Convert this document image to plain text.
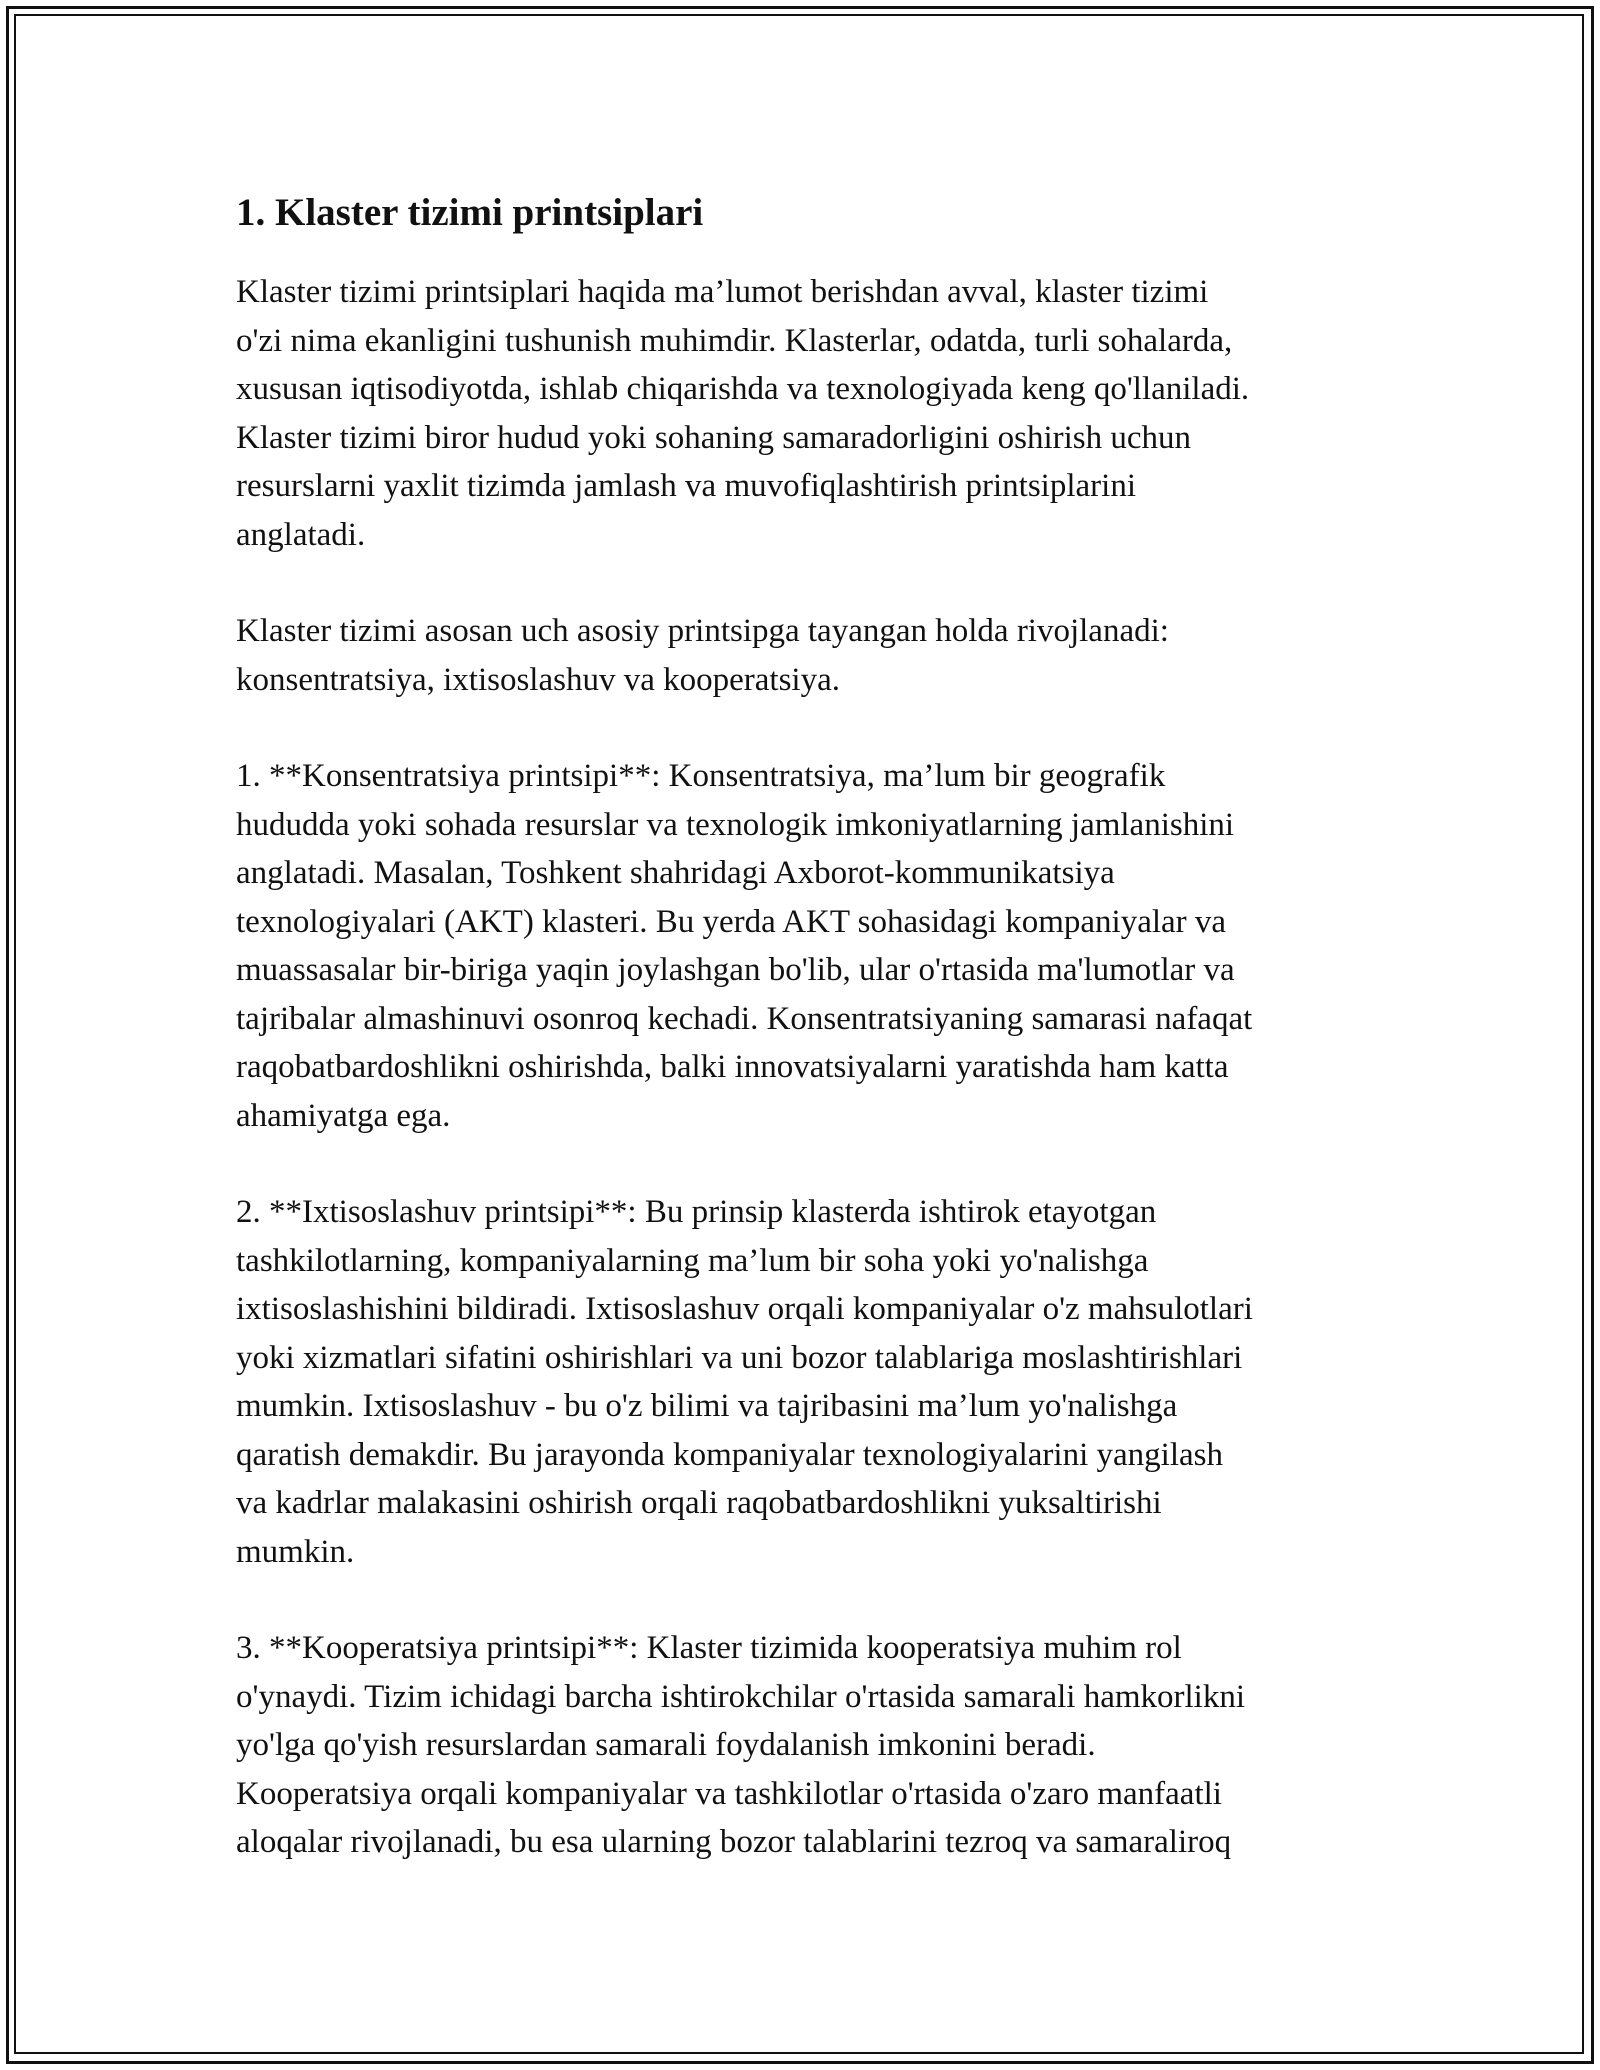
1. Klaster tizimi printsiplari

Klaster tizimi printsiplari haqida ma’lumot berishdan avval, klaster tizimi
o'zi nima ekanligini tushunish muhimdir. Klasterlar, odatda, turli sohalarda,
xususan iqtisodiyotda, ishlab chiqarishda va texnologiyada keng qo'llaniladi.
Klaster tizimi biror hudud yoki sohaning samaradorligini oshirish uchun
resurslarni yaxlit tizimda jamlash va muvofiqlashtirish printsiplarini
anglatadi.

Klaster tizimi asosan uch asosiy printsipga tayangan holda rivojlanadi:
konsentratsiya, ixtisoslashuv va kooperatsiya.

1. **Konsentratsiya printsipi**: Konsentratsiya, ma’lum bir geografik
hududda yoki sohada resurslar va texnologik imkoniyatlarning jamlanishini
anglatadi. Masalan, Toshkent shahridagi Axborot-kommunikatsiya
texnologiyalari (AKT) klasteri. Bu yerda AKT sohasidagi kompaniyalar va
muassasalar bir-biriga yaqin joylashgan bo'lib, ular o'rtasida ma'lumotlar va
tajribalar almashinuvi osonroq kechadi. Konsentratsiyaning samarasi nafaqat
raqobatbardoshlikni oshirishda, balki innovatsiyalarni yaratishda ham katta
ahamiyatga ega.

2. **Ixtisoslashuv printsipi**: Bu prinsip klasterda ishtirok etayotgan
tashkilotlarning, kompaniyalarning ma’lum bir soha yoki yo'nalishga
ixtisoslashishini bildiradi. Ixtisoslashuv orqali kompaniyalar o'z mahsulotlari
yoki xizmatlari sifatini oshirishlari va uni bozor talablariga moslashtirishlari
mumkin. Ixtisoslashuv - bu o'z bilimi va tajribasini ma’lum yo'nalishga
qaratish demakdir. Bu jarayonda kompaniyalar texnologiyalarini yangilash
va kadrlar malakasini oshirish orqali raqobatbardoshlikni yuksaltirishi
mumkin.

3. **Kooperatsiya printsipi**: Klaster tizimida kooperatsiya muhim rol
o'ynaydi. Tizim ichidagi barcha ishtirokchilar o'rtasida samarali hamkorlikni
yo'lga qo'yish resurslardan samarali foydalanish imkonini beradi.
Kooperatsiya orqali kompaniyalar va tashkilotlar o'rtasida o'zaro manfaatli
aloqalar rivojlanadi, bu esa ularning bozor talablarini tezroq va samaraliroq
